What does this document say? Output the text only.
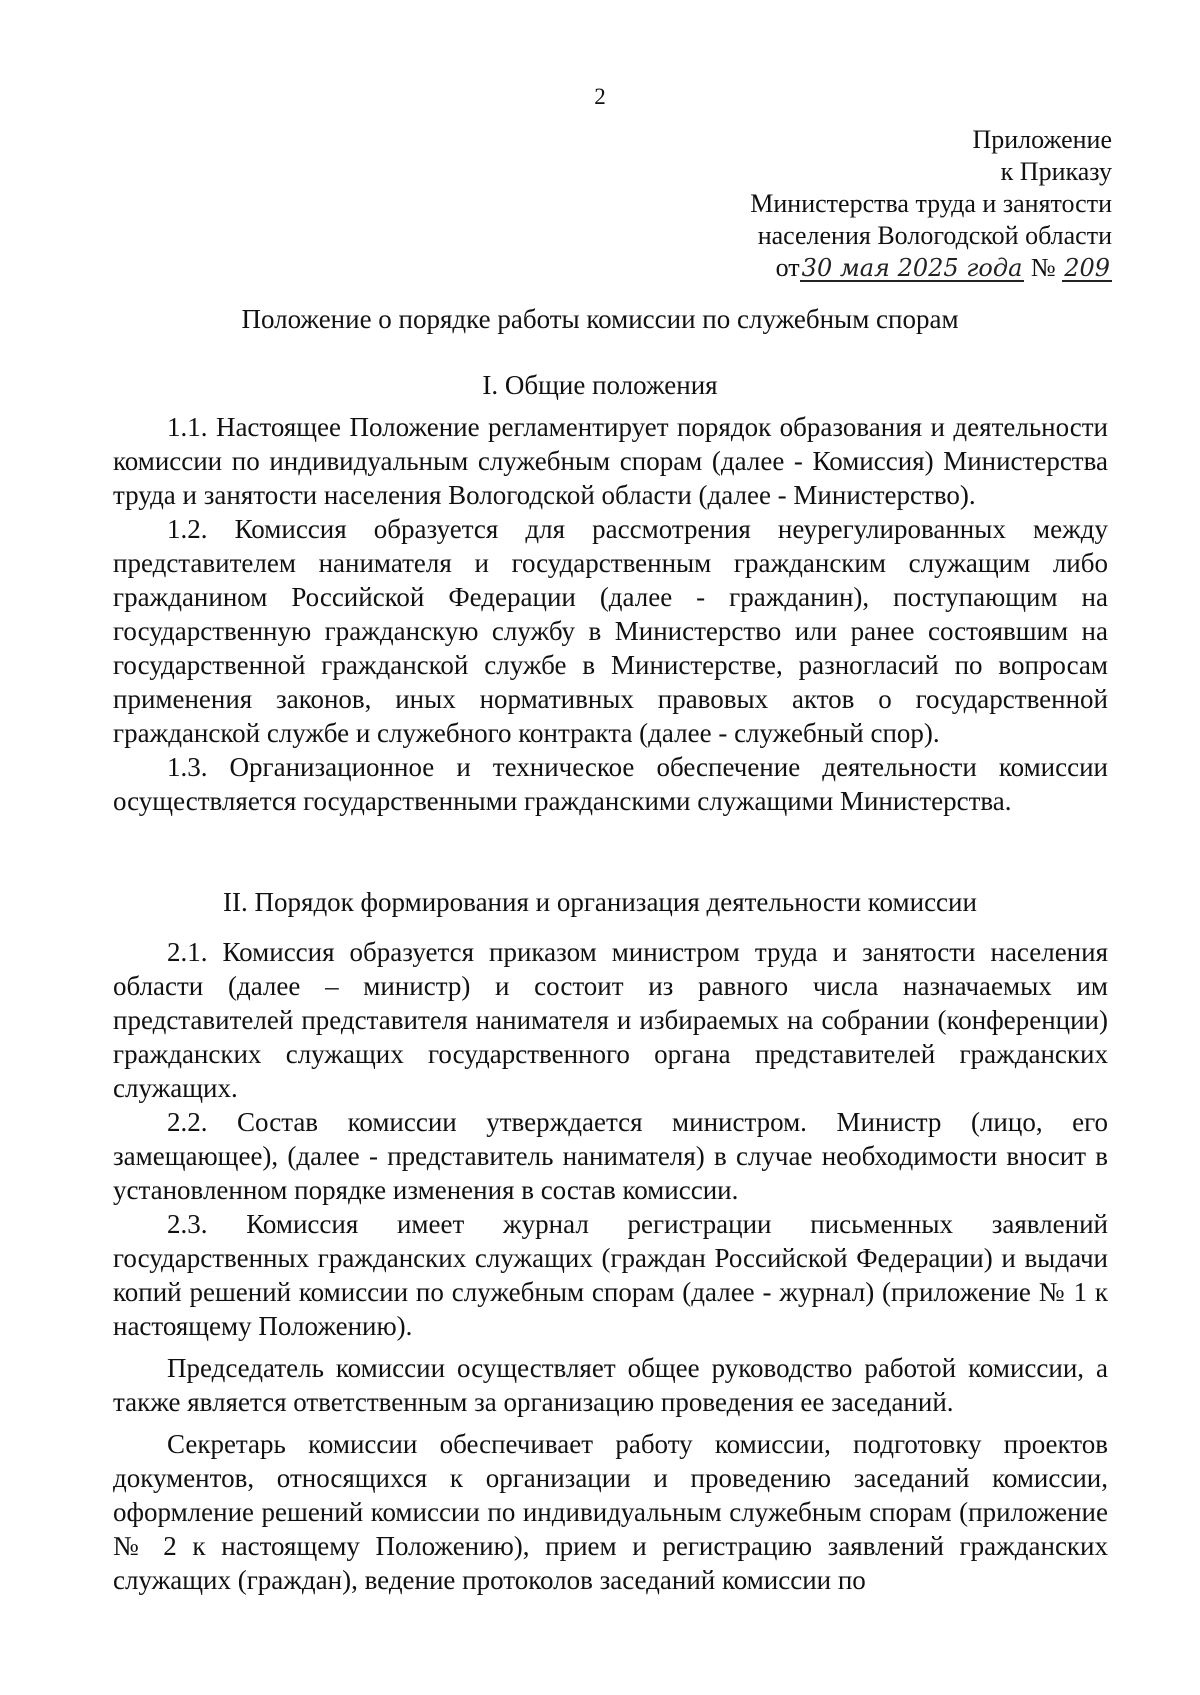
2
Приложение
к Приказу
Министерства труда и занятости
населения Вологодской области
от30 мая 2025 года № 209
Положение о порядке работы комиссии по служебным спорам
I. Общие положения

1.1. Настоящее Положение регламентирует порядок образования и деятельности комиссии по индивидуальным служебным спорам (далее - Комиссия) Министерства труда и занятости населения Вологодской области (далее - Министерство).

1.2. Комиссия образуется для рассмотрения неурегулированных между представителем нанимателя и государственным гражданским служащим либо гражданином Российской Федерации (далее - гражданин), поступающим на государственную гражданскую службу в Министерство или ранее состоявшим на государственной гражданской службе в Министерстве, разногласий по вопросам применения законов, иных нормативных правовых актов о государственной гражданской службе и служебного контракта (далее - служебный спор).

1.3. Организационное и техническое обеспечение деятельности комиссии осуществляется государственными гражданскими служащими Министерства.

II. Порядок формирования и организация деятельности комиссии

2.1. Комиссия образуется приказом министром труда и занятости населения области (далее – министр) и состоит из равного числа назначаемых им представителей представителя нанимателя и избираемых на собрании (конференции) гражданских служащих государственного органа представителей гражданских служащих.

2.2. Состав комиссии утверждается министром. Министр (лицо, его замещающее), (далее - представитель нанимателя) в случае необходимости вносит в установленном порядке изменения в состав комиссии.

2.3. Комиссия имеет журнал регистрации письменных заявлений государственных гражданских служащих (граждан Российской Федерации) и выдачи копий решений комиссии по служебным спорам (далее - журнал) (приложение № 1 к настоящему Положению).

Председатель комиссии осуществляет общее руководство работой комиссии, а также является ответственным за организацию проведения ее заседаний.

Секретарь комиссии обеспечивает работу комиссии, подготовку проектов документов, относящихся к организации и проведению заседаний комиссии, оформление решений комиссии по индивидуальным служебным спорам (приложение № 2 к настоящему Положению), прием и регистрацию заявлений гражданских служащих (граждан), ведение протоколов заседаний комиссии по
